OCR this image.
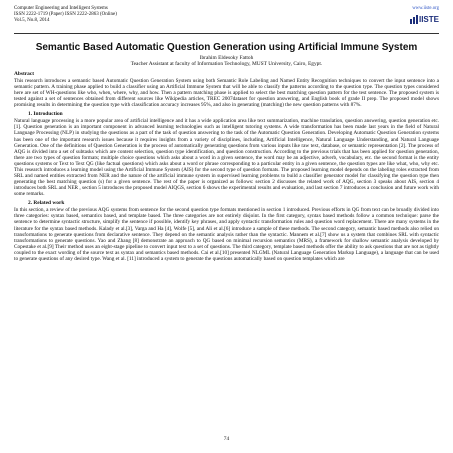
Computer Engineering and Intelligent Systems
ISSN 2222-1719 (Paper) ISSN 2222-2863 (Online)
Vol.5, No.8, 2014
www.iiste.org
IISTE
Semantic Based Automatic Question Generation using Artificial Immune System
Ibrahim Eldesoky Fattoh
Teacher Assistant at faculty of Information Technology, MUST University, Cairo, Egypt.
Abstract

This research introduces a semantic based Automatic Question Generation System using both Semantic Role Labeling and Named Entity Recognition techniques to convert the input sentence into a semantic pattern. A training phase applied to build a classifier using an Artificial Immune System that will be able to classify the patterns according to the question type. The question types considered here are set of WH-questions like who, when, where, why, and how. Then a pattern matching phase is applied to select the best matching question pattern for the test sentence. The proposed system is tested against a set of sentences obtained from different sources like Wikipedia articles, TREC 2007dataset for question answering, and English book of grade II prep. The proposed model shows promising results in determining the question type with classification accuracy increases 95%, and also in generating (matching) the new question patterns with 87%.

1. Introduction

Natural language processing is a more popular area of artificial intelligence and it has a wide application area like text summarization, machine translation, question answering, question generation etc. [1]. Question generation is an important component in advanced learning technologies such as intelligent tutoring systems. A wide transformation has been made last years in the field of Natural Language Processing (NLP) in studying the questions as a part of the task of question answering to the task of the Automatic Question Generation. Developing Automatic Question Generation systems has been one of the important research issues because it requires insights from a variety of disciplines, including, Artificial Intelligence, Natural Language Understanding, and Natural Language Generation. One of the definitions of Question Generation is the process of automatically generating questions from various inputs like raw text, database, or semantic representation [2]. The process of AQG is divided into a set of subtasks which are content selection, question type identification, and question construction. According to the previous trials that has been applied for question generation, there are two types of question formats; multiple choice questions which asks about a word in a given sentence, the word may be an adjective, adverb, vocabulary, etc. the second format is the entity questions systems or Text to Text QG (like factual questions) which asks about a word or phrase corresponding to a particular entity in a given sentence, the question types are like what, who, why etc. This research introduces a learning model using the Artificial Immune System (AIS) for the second type of question formats. The proposed learning model depends on the labeling roles extracted from SRL and named entities extracted from NER and the nature of the artificial immune system in supervised learning problems to build a classifier generator model for classifying the question type then generating the best matching question (s) for a given sentence. The rest of the paper is organized as follows: section 2 discusses the related work of AQG, section 3 speaks about AIS, section 4 introduces both SRL and NER , section 5 introduces the proposed model AIQGS, section 6 shows the experimental results and evaluation, and last section 7 introduces a conclusion and future work with some remarks.

2. Related work

In this section, a review of the previous AQG systems from sentence for the second question type formats mentioned in section 1 introduced. Previous efforts in QG from text can be broadly divided into three categories: syntax based, semantics based, and template based. The three categories are not entirely disjoint. In the first category, syntax based methods follow a common technique: parse the sentence to determine syntactic structure, simplify the sentence if possible, identify key phrases, and apply syntactic transformation rules and question word replacement. There are many systems in the literature for the syntax based methods. Kalady et al.[3], Varga and Ha [4], Wolfe [5], and Ali et al.[6] introduce a sample of these methods. The second category, semantic based methods also relied on transformations to generate questions from declarative sentence. They depend on the semantic analysis rather than the syntactic. Mannem et al.[7] show us a system that combines SRL with syntactic transformations to generate questions. Yao and Zhang [8] demonstrate an approach to QG based on minimal recursion semantics (MRS), a framework for shallow semantic analysis developed by Copestake et al.[9] Their method uses an eight-stage pipeline to convert input text to a set of questions. The third category, template based methods offer the ability to ask questions that are not as tightly coupled to the exact wording of the source text as syntax and semantics based methods. Cai et al.[10] presented NLGML (Natural Language Generation Markup Language), a language that can be used to generate questions of any desired type. Wang et al. [11] introduced a system to generate the questions automatically based on question templates which are

74
